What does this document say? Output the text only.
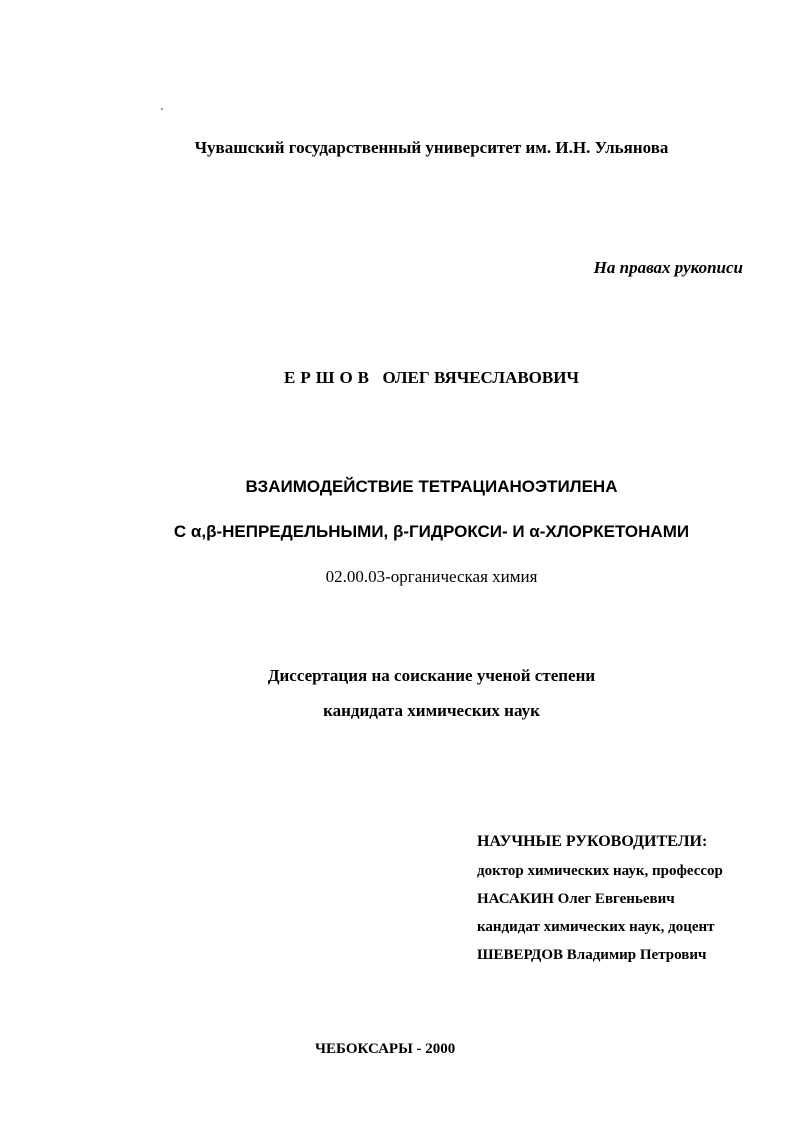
Чувашский государственный университет им. И.Н. Ульянова

На правах рукописи

ЕРШОВ ОЛЕГ ВЯЧЕСЛАВОВИЧ

ВЗАИМОДЕЙСТВИЕ ТЕТРАЦИАНОЭТИЛЕНА

С α,β-НЕПРЕДЕЛЬНЫМИ, β-ГИДРОКСИ- И α-ХЛОРКЕТОНАМИ

02.00.03-органическая химия

Диссертация на соискание ученой степени

кандидата химических наук

НАУЧНЫЕ РУКОВОДИТЕЛИ:
доктор химических наук, профессор
НАСАКИН Олег Евгеньевич
кандидат химических наук, доцент
ШЕВЕРДОВ Владимир Петрович

ЧЕБОКСАРЫ - 2000
